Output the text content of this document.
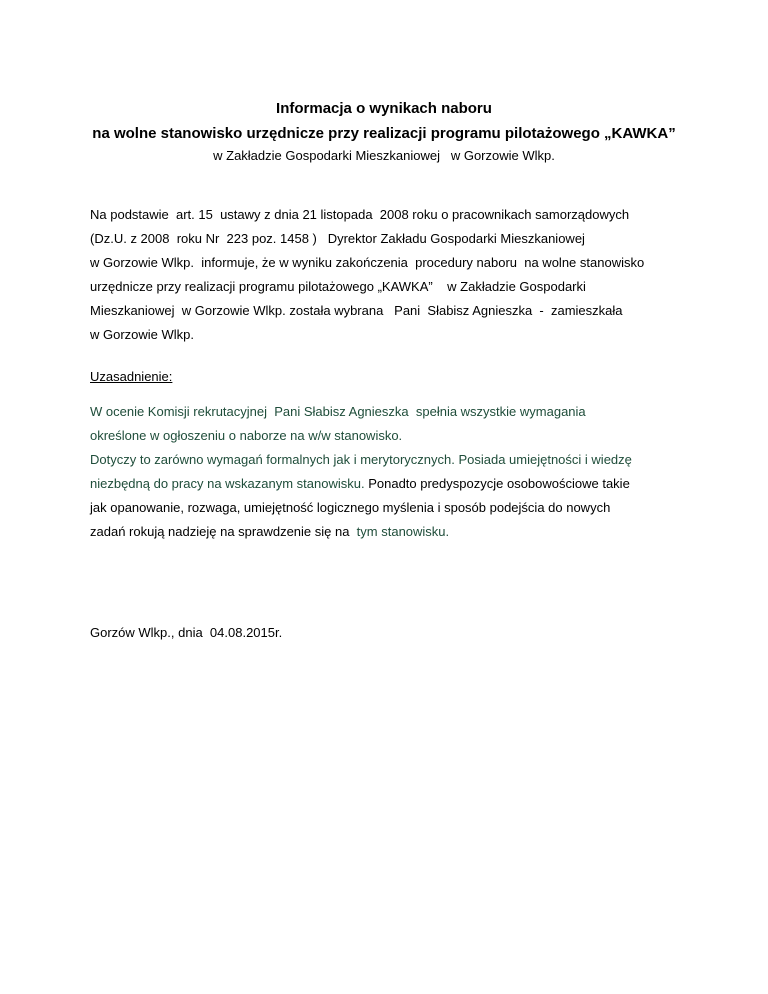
Informacja o wynikach naboru
na wolne stanowisko urzędnicze przy realizacji programu pilotażowego „KAWKA”
w Zakładzie Gospodarki Mieszkaniowej   w Gorzowie Wlkp.
Na podstawie  art. 15  ustawy z dnia 21 listopada  2008 roku o pracownikach samorządowych
(Dz.U. z 2008  roku Nr  223 poz. 1458 )   Dyrektor Zakładu Gospodarki Mieszkaniowej
w Gorzowie Wlkp.  informuje, że w wyniku zakończenia  procedury naboru  na wolne stanowisko
urzędnicze przy realizacji programu pilotażowego „KAWKA”    w Zakładzie Gospodarki
Mieszkaniowej  w Gorzowie Wlkp. została wybrana   Pani  Słabisz Agnieszka  -  zamieszkała
w Gorzowie Wlkp.
Uzasadnienie:
W ocenie Komisji rekrutacyjnej  Pani Słabisz Agnieszka  spełnia wszystkie wymagania
określone w ogłoszeniu o naborze na w/w stanowisko.
Dotyczy to zarówno wymagań formalnych jak i merytorycznych. Posiada umiejętności i wiedzę
niezbędną do pracy na wskazanym stanowisku. Ponadto predyspozycje osobowościowe takie
jak opanowanie, rozwaga, umiejętność logicznego myślenia i sposób podejścia do nowych
zadań rokują nadzieję na sprawdzenie się na  tym stanowisku.
Gorzów Wlkp., dnia  04.08.2015r.
